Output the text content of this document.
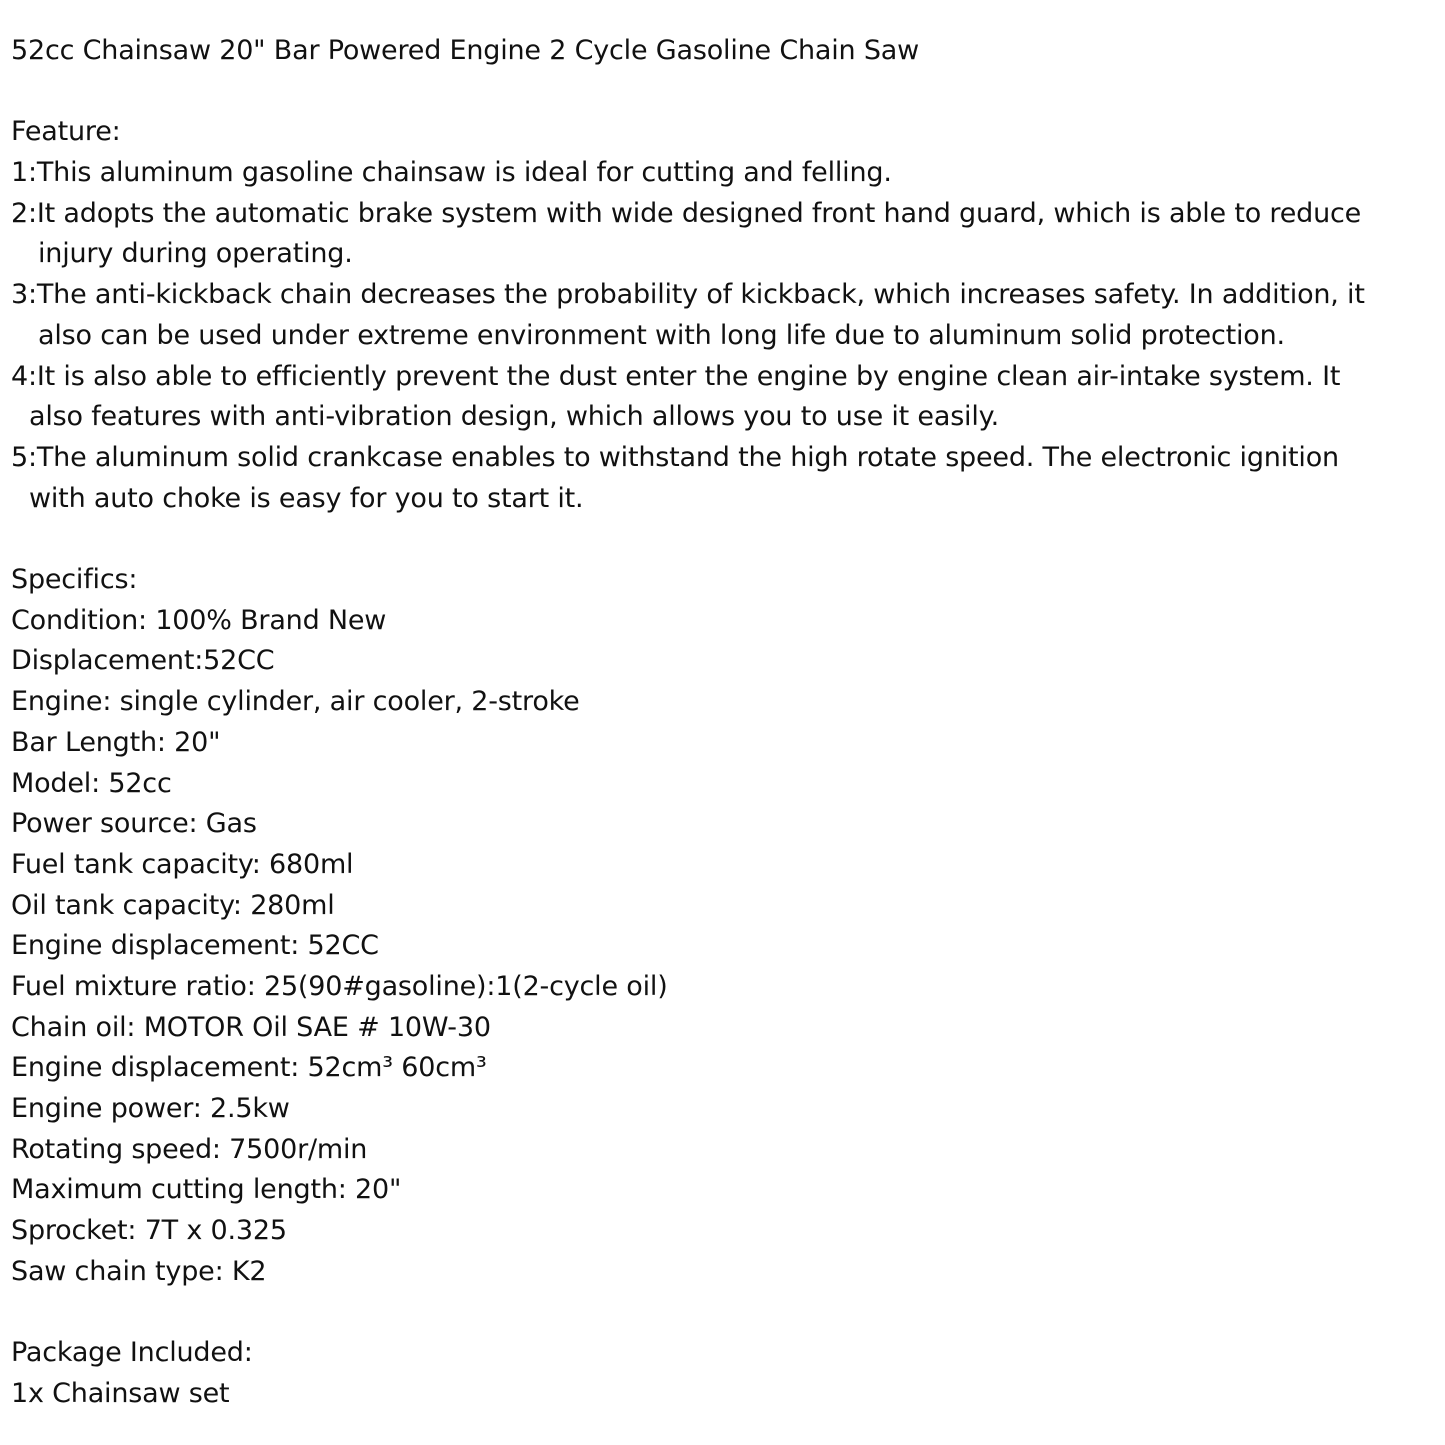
52cc Chainsaw 20" Bar Powered Engine 2 Cycle Gasoline Chain Saw
Feature:
1:This aluminum gasoline chainsaw is ideal for cutting and felling.
2:It adopts the automatic brake system with wide designed front hand guard, which is able to reduce
injury during operating.
3:The anti-kickback chain decreases the probability of kickback, which increases safety. In addition, it
also can be used under extreme environment with long life due to aluminum solid protection.
4:It is also able to efficiently prevent the dust enter the engine by engine clean air-intake system. It
also features with anti-vibration design, which allows you to use it easily.
5:The aluminum solid crankcase enables to withstand the high rotate speed. The electronic ignition
with auto choke is easy for you to start it.
Specifics:
Condition: 100% Brand New
Displacement:52CC
Engine: single cylinder, air cooler, 2-stroke
Bar Length: 20"
Model: 52cc
Power source: Gas
Fuel tank capacity: 680ml
Oil tank capacity: 280ml
Engine displacement: 52CC
Fuel mixture ratio: 25(90#gasoline):1(2-cycle oil)
Chain oil: MOTOR Oil SAE # 10W-30
Engine displacement: 52cm³ 60cm³
Engine power: 2.5kw
Rotating speed: 7500r/min
Maximum cutting length: 20"
Sprocket: 7T x 0.325
Saw chain type: K2
Package Included:
1x Chainsaw set
